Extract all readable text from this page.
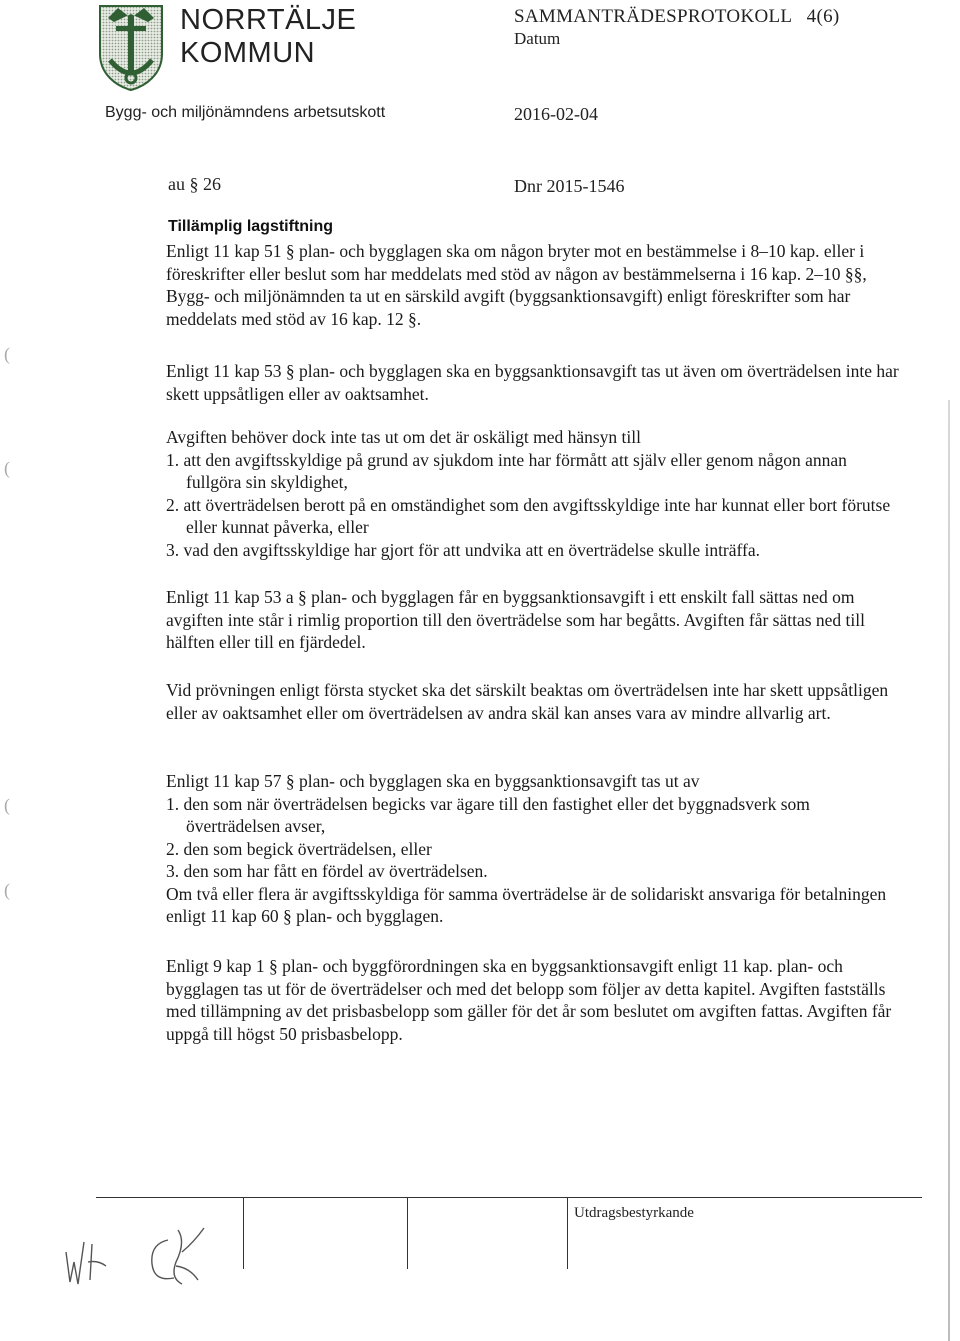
NORRTÄLJE KOMMUN
SAMMANTRÄDESPROTOKOLL 4(6)
Datum
Bygg- och miljönämndens arbetsutskott	2016-02-04
au § 26	Dnr 2015-1546
Tillämplig lagstiftning

Enligt 11 kap 51 § plan- och bygglagen ska om någon bryter mot en bestämmelse i 8–10 kap. eller i föreskrifter eller beslut som har meddelats med stöd av någon av bestämmelserna i 16 kap. 2–10 §§, Bygg- och miljönämnden ta ut en särskild avgift (byggsanktionsavgift) enligt föreskrifter som har meddelats med stöd av 16 kap. 12 §.

Enligt 11 kap 53 § plan- och bygglagen ska en byggsanktionsavgift tas ut även om överträdelsen inte har skett uppsåtligen eller av oaktsamhet.

Avgiften behöver dock inte tas ut om det är oskäligt med hänsyn till

1. att den avgiftsskyldige på grund av sjukdom inte har förmått att själv eller genom någon annan fullgöra sin skyldighet,

2. att överträdelsen berott på en omständighet som den avgiftsskyldige inte har kunnat eller bort förutse eller kunnat påverka, eller

3. vad den avgiftsskyldige har gjort för att undvika att en överträdelse skulle inträffa.

Enligt 11 kap 53 a § plan- och bygglagen får en byggsanktionsavgift i ett enskilt fall sättas ned om avgiften inte står i rimlig proportion till den överträdelse som har begåtts. Avgiften får sättas ned till hälften eller till en fjärdedel.

Vid prövningen enligt första stycket ska det särskilt beaktas om överträdelsen inte har skett uppsåtligen eller av oaktsamhet eller om överträdelsen av andra skäl kan anses vara av mindre allvarlig art.

Enligt 11 kap 57 § plan- och bygglagen ska en byggsanktionsavgift tas ut av

1. den som när överträdelsen begicks var ägare till den fastighet eller det byggnadsverk som överträdelsen avser,

2. den som begick överträdelsen, eller

3. den som har fått en fördel av överträdelsen.

Om två eller flera är avgiftsskyldiga för samma överträdelse är de solidariskt ansvariga för betalningen enligt 11 kap 60 § plan- och bygglagen.

Enligt 9 kap 1 § plan- och byggförordningen ska en byggsanktionsavgift enligt 11 kap. plan- och bygglagen tas ut för de överträdelser och med det belopp som följer av detta kapitel. Avgiften fastställs med tillämpning av det prisbasbelopp som gäller för det år som beslutet om avgiften fattas. Avgiften får uppgå till högst 50 prisbasbelopp.

(
(
(
(
Utdragsbestyrkande
